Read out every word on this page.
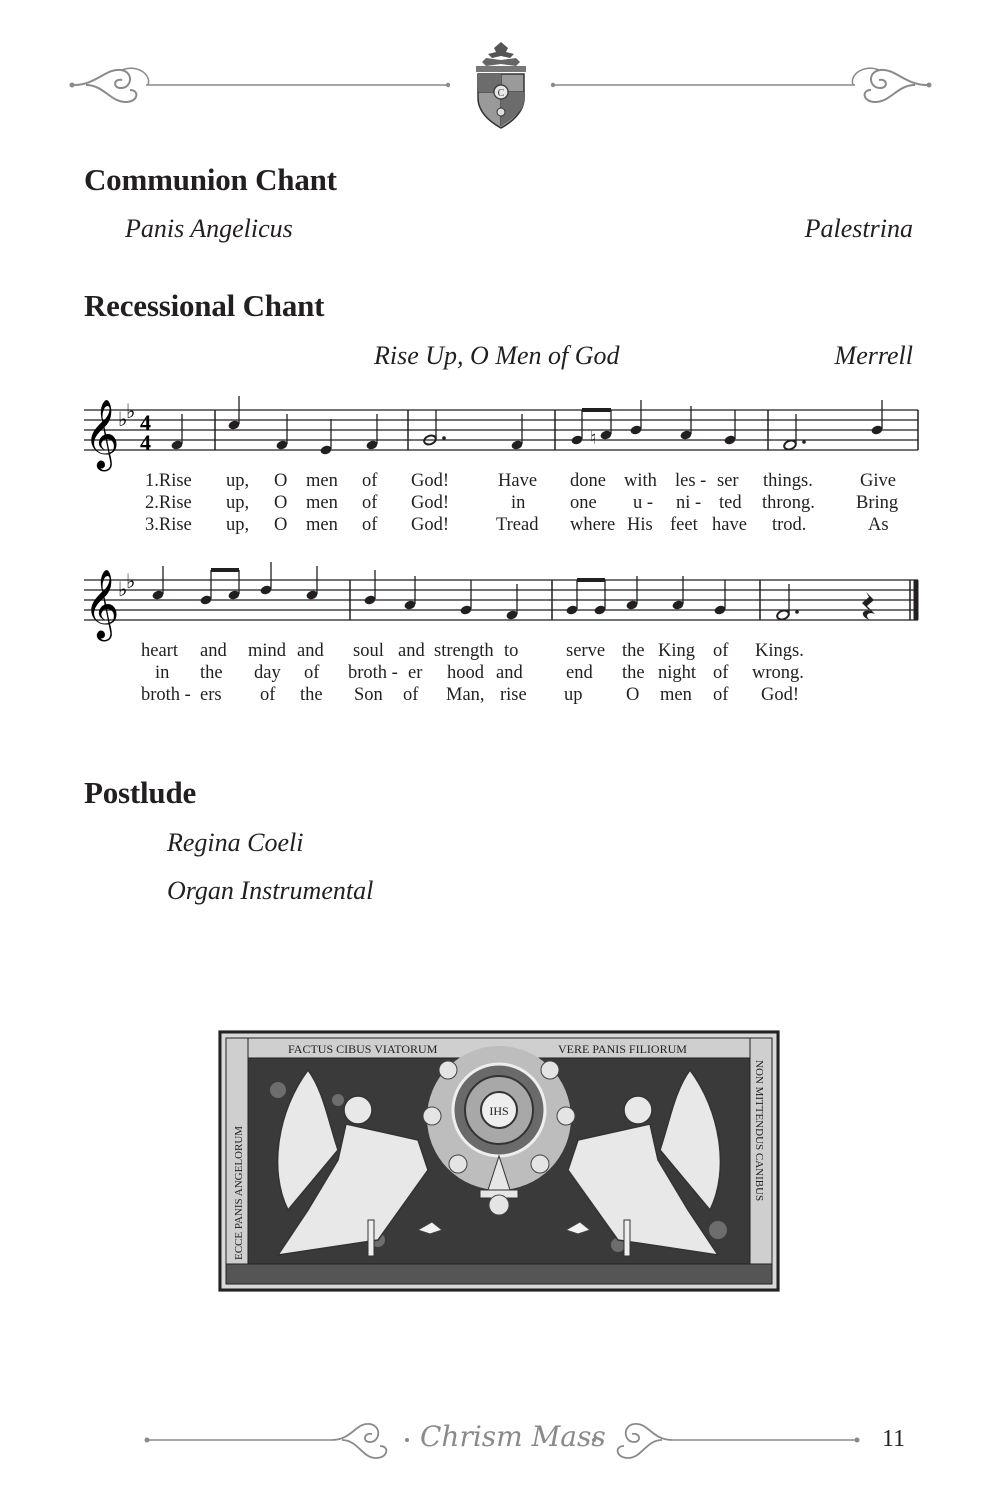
C
Communion Chant
Panis Angelicus	Palestrina
Recessional Chant
Rise Up, O Men of God	Merrell
𝄞
♭
♭ 4
4	♮
1.Rise up, O men of God!	Have done with les - ser things.	Give
2.Rise up, O men of God!	in one u - ni - ted throng. Bring
3.Rise up, O men of God!	Tread where His feet have trod.	As
𝄞
♭
♭
heart and mind and soul and strength to	serve the King of Kings.
in the day of broth - er hood and end the night of wrong.
broth - ers of the Son of Man, rise up O men of God!
Postlude
Regina Coeli
Organ Instrumental
FACTUS CIBUS VIATORUM	VERE PANIS FILIORUM
ECCE PANIS ANGELORUM	NON MITTENDUS CANIBUS
IHS
Chrism Mass	11
